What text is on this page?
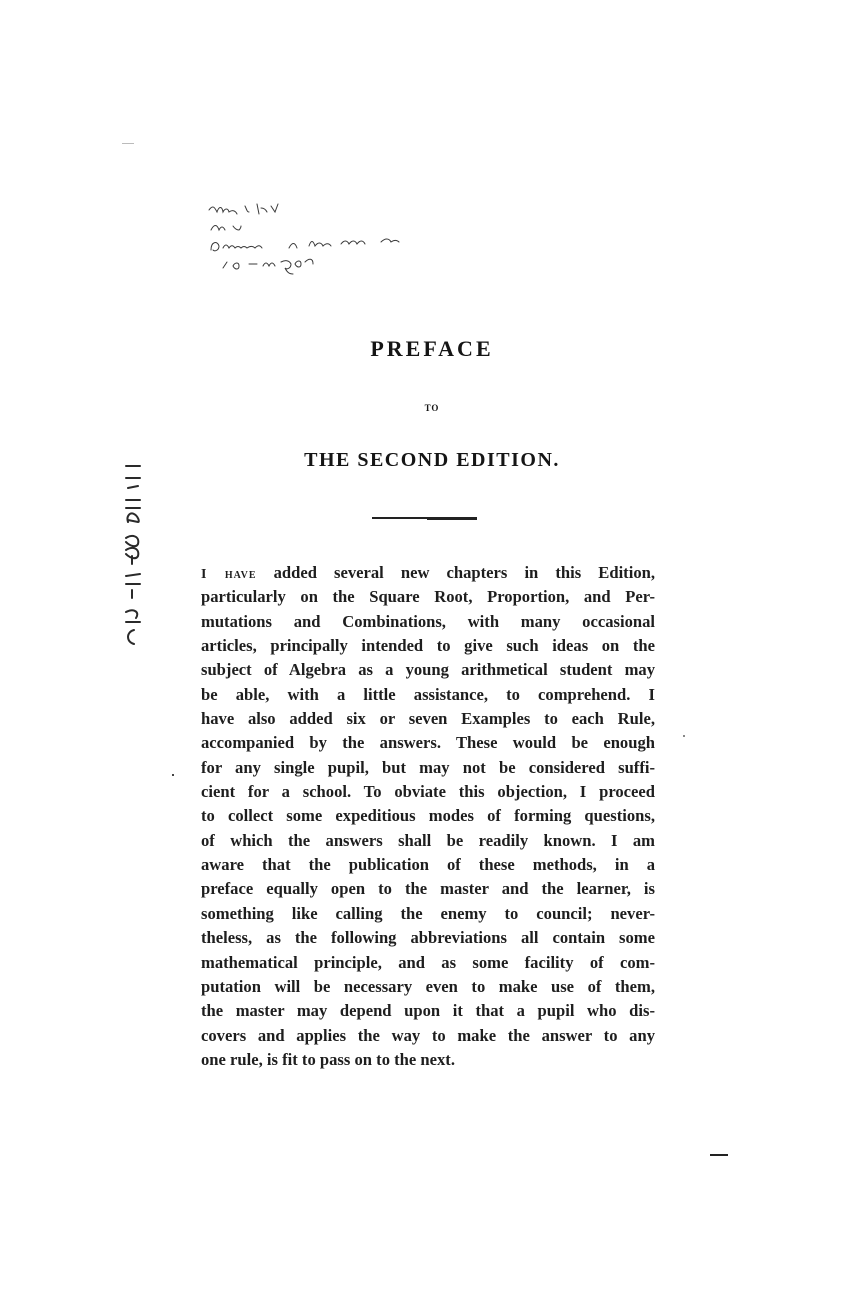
PREFACE
TO
THE SECOND EDITION.
I have added several new chapters in this Edition,
particularly on the Square Root, Proportion, and Per-
mutations and Combinations, with many occasional
articles, principally intended to give such ideas on the
subject of Algebra as a young arithmetical student may
be able, with a little assistance, to comprehend. I
have also added six or seven Examples to each Rule,
accompanied by the answers. These would be enough
for any single pupil, but may not be considered suffi-
cient for a school. To obviate this objection, I proceed
to collect some expeditious modes of forming questions,
of which the answers shall be readily known. I am
aware that the publication of these methods, in a
preface equally open to the master and the learner, is
something like calling the enemy to council; never-
theless, as the following abbreviations all contain some
mathematical principle, and as some facility of com-
putation will be necessary even to make use of them,
the master may depend upon it that a pupil who dis-
covers and applies the way to make the answer to any
one rule, is fit to pass on to the next.
